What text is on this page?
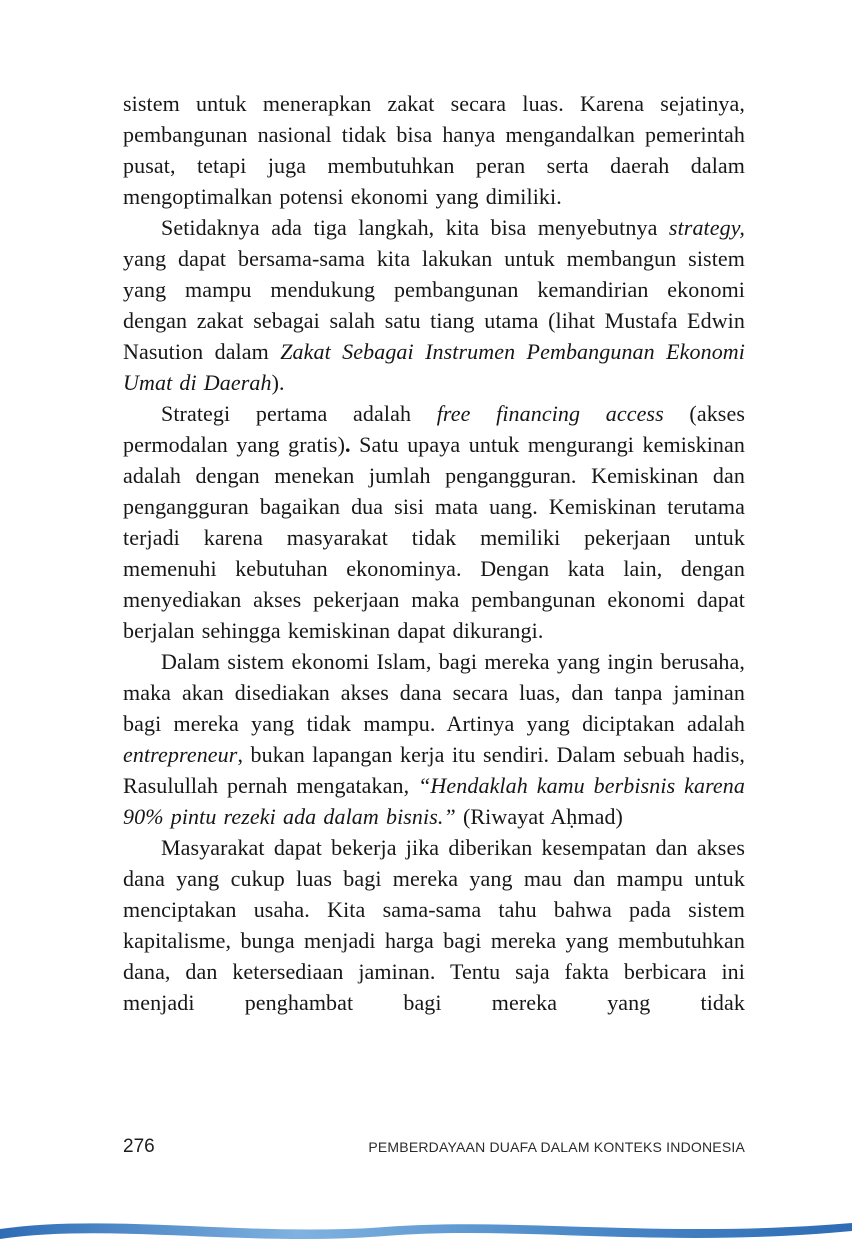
sistem untuk menerapkan zakat secara luas. Karena sejatinya, pembangunan nasional tidak bisa hanya mengandalkan pemerintah pusat, tetapi juga membutuhkan peran serta daerah dalam mengoptimalkan potensi ekonomi yang dimiliki.

Setidaknya ada tiga langkah, kita bisa menyebutnya strategy, yang dapat bersama-sama kita lakukan untuk membangun sistem yang mampu mendukung pembangunan kemandirian ekonomi dengan zakat sebagai salah satu tiang utama (lihat Mustafa Edwin Nasution dalam Zakat Sebagai Instrumen Pembangunan Ekonomi Umat di Daerah).

Strategi pertama adalah free financing access (akses permodalan yang gratis). Satu upaya untuk mengurangi kemiskinan adalah dengan menekan jumlah pengangguran. Kemiskinan dan pengangguran bagaikan dua sisi mata uang. Kemiskinan terutama terjadi karena masyarakat tidak memiliki pekerjaan untuk memenuhi kebutuhan ekonominya. Dengan kata lain, dengan menyediakan akses pekerjaan maka pembangunan ekonomi dapat berjalan sehingga kemiskinan dapat dikurangi.

Dalam sistem ekonomi Islam, bagi mereka yang ingin berusaha, maka akan disediakan akses dana secara luas, dan tanpa jaminan bagi mereka yang tidak mampu. Artinya yang diciptakan adalah entrepreneur, bukan lapangan kerja itu sendiri. Dalam sebuah hadis, Rasulullah pernah mengatakan, “Hendaklah kamu berbisnis karena 90% pintu rezeki ada dalam bisnis.” (Riwayat Aḥmad)

Masyarakat dapat bekerja jika diberikan kesempatan dan akses dana yang cukup luas bagi mereka yang mau dan mampu untuk menciptakan usaha. Kita sama-sama tahu bahwa pada sistem kapitalisme, bunga menjadi harga bagi mereka yang membutuhkan dana, dan ketersediaan jaminan. Tentu saja fakta berbicara ini menjadi penghambat bagi mereka yang tidak

276	PEMBERDAYAAN DUAFA DALAM KONTEKS INDONESIA
